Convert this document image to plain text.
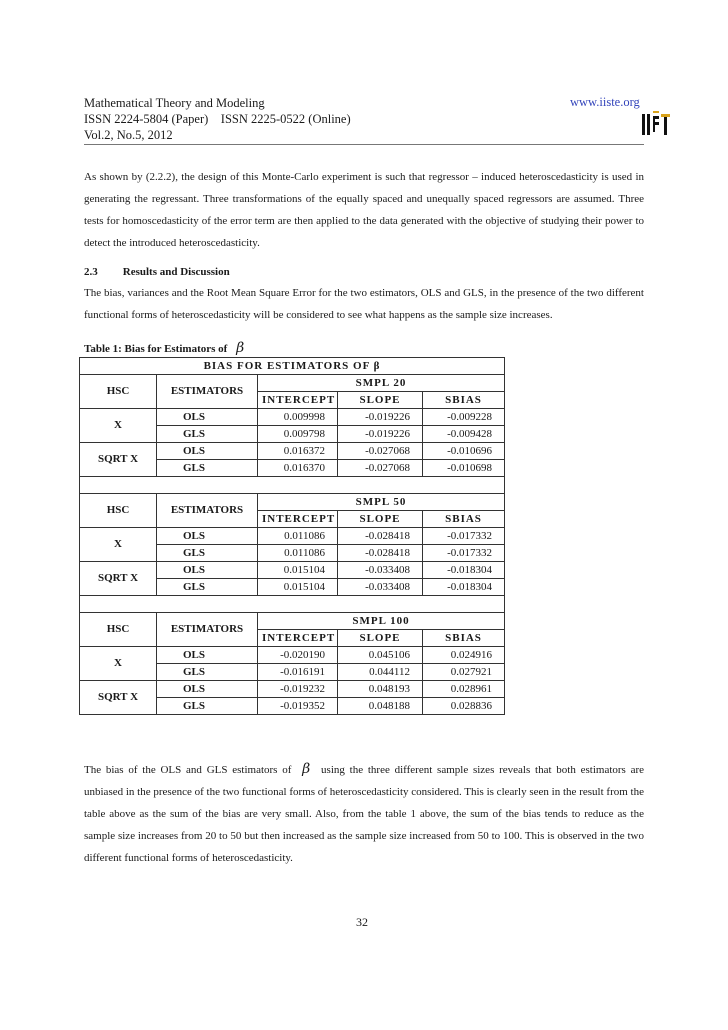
Mathematical Theory and Modeling
ISSN 2224-5804 (Paper)    ISSN 2225-0522 (Online)
Vol.2, No.5, 2012
www.iiste.org
As shown by (2.2.2), the design of this Monte-Carlo experiment is such that regressor – induced heteroscedasticity is used in generating the regressant. Three transformations of the equally spaced and unequally spaced regressors are assumed. Three tests for homoscedasticity of the error term are then applied to the data generated with the objective of studying their power to detect the introduced heteroscedasticity.
2.3 Results and Discussion
The bias, variances and the Root Mean Square Error for the two estimators, OLS and GLS, in the presence of the two different functional forms of heteroscedasticity will be considered to see what happens as the sample size increases.
Table 1: Bias for Estimators of β
BIAS FOR ESTIMATORS OF β				
HSC	ESTIMATORS	SMPL 20		
		INTERCEPT	SLOPE	SBIAS
X	OLS	0.009998	-0.019226	-0.009228
	GLS	0.009798	-0.019226	-0.009428
SQRT X	OLS	0.016372	-0.027068	-0.010696
	GLS	0.016370	-0.027068	-0.010698

HSC	ESTIMATORS	SMPL 50		
		INTERCEPT	SLOPE	SBIAS
X	OLS	0.011086	-0.028418	-0.017332
	GLS	0.011086	-0.028418	-0.017332
SQRT X	OLS	0.015104	-0.033408	-0.018304
	GLS	0.015104	-0.033408	-0.018304

HSC	ESTIMATORS	SMPL 100		
		INTERCEPT	SLOPE	SBIAS
X	OLS	-0.020190	0.045106	0.024916
	GLS	-0.016191	0.044112	0.027921
SQRT X	OLS	-0.019232	0.048193	0.028961
	GLS	-0.019352	0.048188	0.028836
The bias of the OLS and GLS estimators of β using the three different sample sizes reveals that both estimators are unbiased in the presence of the two functional forms of heteroscedasticity considered. This is clearly seen in the result from the table above as the sum of the bias are very small. Also, from the table 1 above, the sum of the bias tends to reduce as the sample size increases from 20 to 50 but then increased as the sample size increased from 50 to 100. This is observed in the two different functional forms of heteroscedasticity.
32
